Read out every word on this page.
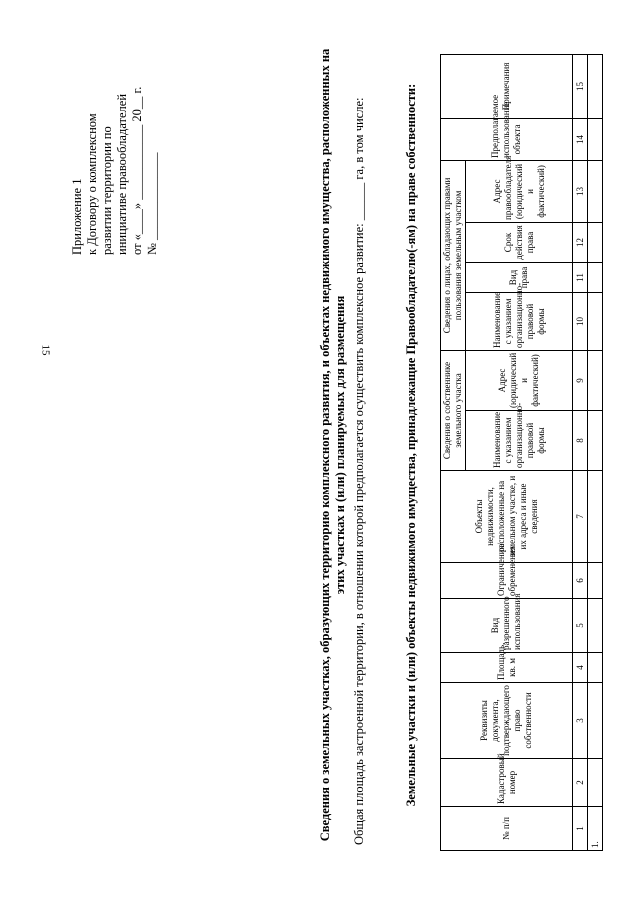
15
Приложение 1 к Договору о комплексном развитии территории по инициативе правообладателей от «____» ____________ 20__ г. № ______________	Сведения о земельных участках, образующих территорию комплексного развития, и объектах недвижимого имущества, расположенных на этих участках и (или) планируемых для размещения Общая площадь застроенной территории, в отношении которой предполагается осуществить комплексное развитие: ______ га, в том числе:	Земельные участки и (или) объекты недвижимого имущества, принадлежащие Правообладателю(-ям) на праве собственности:
№ п/п	Кадастровый номер	Реквизиты документа, подтверждающего право собственности	Площадь, кв. м	Вид разрешенного использования	Ограничения/обременения	Объекты недвижимости, расположенные на земельном участке, и их адреса и иные сведения	Сведения о собственнике земельного участка		Сведения о лицах, обладающих правами пользования земельным участком				Предполагаемое использование объекта	Примечания
							Наименование с указанием организационно-правовой формы	Адрес (юридический и фактический)	Наименование с указанием организационно-правовой формы	Вид права	Срок действия права	Адрес правообладателя (юридический и фактический)		
1	2	3	4	5	6	7	8	9	10	11	12	13	14	15
1.														
